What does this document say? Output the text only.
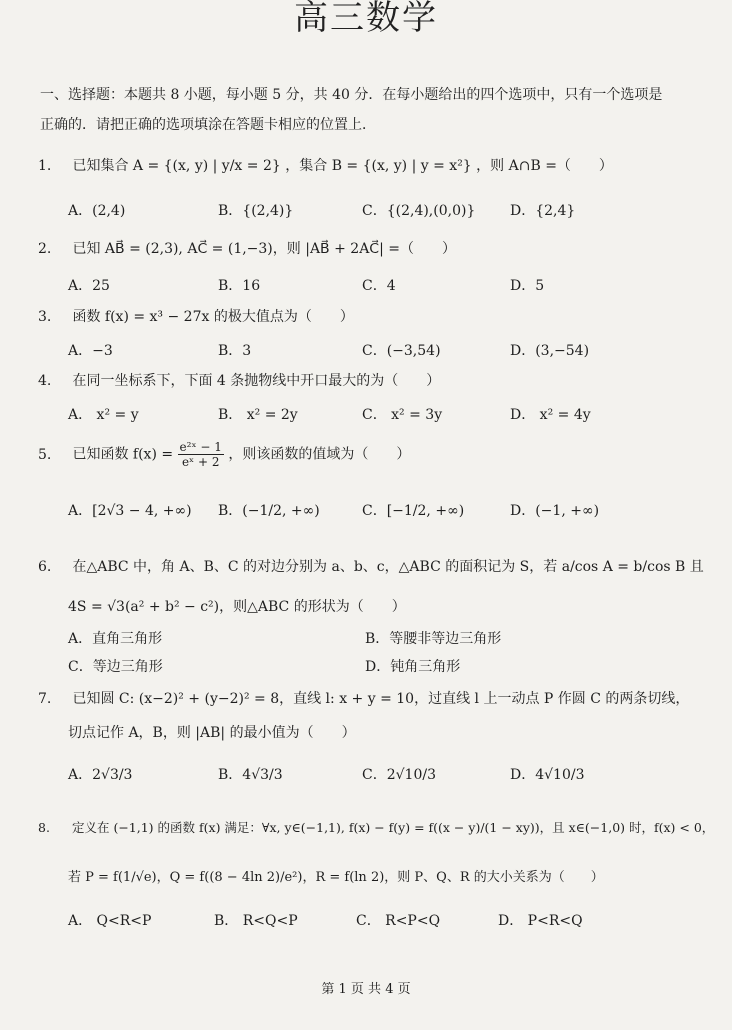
高三数学
一、选择题：本题共 8 小题，每小题 5 分，共 40 分．在每小题给出的四个选项中，只有一个选项是正确的．请把正确的选项填涂在答题卡相应的位置上．
1. 已知集合 A = {(x, y) | y/x = 2} ，集合 B = {(x, y) | y = x²} ，则 A∩B =（　　）
A．(2,4)	B．{(2,4)}	C．{(2,4),(0,0)} D．{2,4}
2. 已知 AB⃗ = (2,3), AC⃗ = (1,−3)，则 |AB⃗ + 2AC⃗| =（　　）
A．25	B．16	C．4	D．5
3. 函数 f(x) = x³ − 27x 的极大值点为（　　）
A．−3	B．3	C．(−3,54)	D．(3,−54)
4. 在同一坐标系下，下面 4 条抛物线中开口最大的为（　　）
A． x² = y	B． x² = 2y	C． x² = 3y	D． x² = 4y
5. 已知函数 $f(x) = \frac{\text{e²ˣ − 1}}{\text{eˣ + 2}}$ ，则该函数的值域为（　　）
A．[2√3 − 4, +∞) B．(−1/2, +∞)	C．[−1/2, +∞)	D．(−1, +∞)
6. 在△ABC 中，角 A、B、C 的对边分别为 a、b、c，△ABC 的面积记为 S，若 a/cos A = b/cos B 且
4S = √3(a² + b² − c²)，则△ABC 的形状为（　　）
A．直角三角形	B．等腰非等边三角形
C．等边三角形	D．钝角三角形
7. 已知圆 C: (x−2)² + (y−2)² = 8，直线 l: x + y = 10，过直线 l 上一动点 P 作圆 C 的两条切线，
切点记作 A，B，则 |AB| 的最小值为（　　）
A．2√3/3	B．4√3/3	C．2√10/3	D．4√10/3
8. 定义在 (−1,1) 的函数 f(x) 满足：∀x, y∈(−1,1), f(x) − f(y) = f((x − y)/(1 − xy))，且 x∈(−1,0) 时，f(x) < 0，
若 P = f(1/√e)，Q = f((8 − 4ln 2)/e²)，R = f(ln 2)，则 P、Q、R 的大小关系为（　　）
A． Q<R<P	B． R<Q<P	C． R<P<Q	D． P<R<Q
第 1 页 共 4 页
